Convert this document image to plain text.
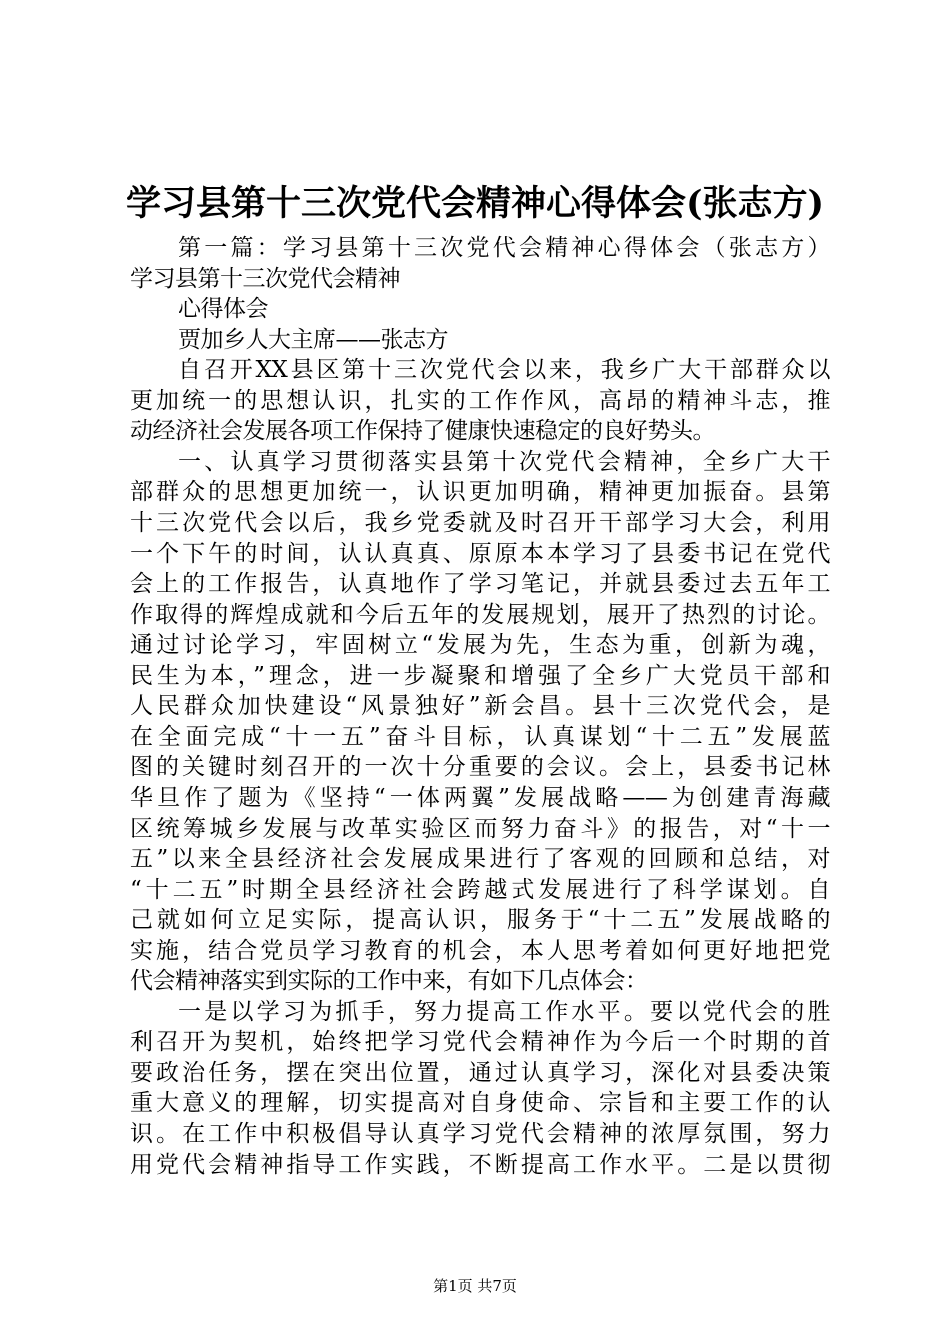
学习县第十三次党代会精神心得体会(张志方)
第一篇：学习县第十三次党代会精神心得体会（张志方）
学习县第十三次党代会精神
心得体会
贾加乡人大主席——张志方
自召开XX县区第十三次党代会以来，我乡广大干部群众以
更加统一的思想认识，扎实的工作作风，高昂的精神斗志，推
动经济社会发展各项工作保持了健康快速稳定的良好势头。
一、认真学习贯彻落实县第十次党代会精神，全乡广大干
部群众的思想更加统一，认识更加明确，精神更加振奋。县第
十三次党代会以后，我乡党委就及时召开干部学习大会，利用
一个下午的时间，认认真真、原原本本学习了县委书记在党代
会上的工作报告，认真地作了学习笔记，并就县委过去五年工
作取得的辉煌成就和今后五年的发展规划，展开了热烈的讨论。
通过讨论学习，牢固树立“发展为先，生态为重，创新为魂，
民生为本，”理念，进一步凝聚和增强了全乡广大党员干部和
人民群众加快建设“风景独好”新会昌。县十三次党代会，是
在全面完成“十一五”奋斗目标，认真谋划“十二五”发展蓝
图的关键时刻召开的一次十分重要的会议。会上，县委书记林
华旦作了题为《坚持“一体两翼”发展战略——为创建青海藏
区统筹城乡发展与改革实验区而努力奋斗》的报告，对“十一
五”以来全县经济社会发展成果进行了客观的回顾和总结，对
“十二五”时期全县经济社会跨越式发展进行了科学谋划。自
己就如何立足实际，提高认识，服务于“十二五”发展战略的
实施，结合党员学习教育的机会，本人思考着如何更好地把党
代会精神落实到实际的工作中来，有如下几点体会：
一是以学习为抓手，努力提高工作水平。要以党代会的胜
利召开为契机，始终把学习党代会精神作为今后一个时期的首
要政治任务，摆在突出位置，通过认真学习，深化对县委决策
重大意义的理解，切实提高对自身使命、宗旨和主要工作的认
识。在工作中积极倡导认真学习党代会精神的浓厚氛围，努力
用党代会精神指导工作实践，不断提高工作水平。二是以贯彻
第1页 共7页
